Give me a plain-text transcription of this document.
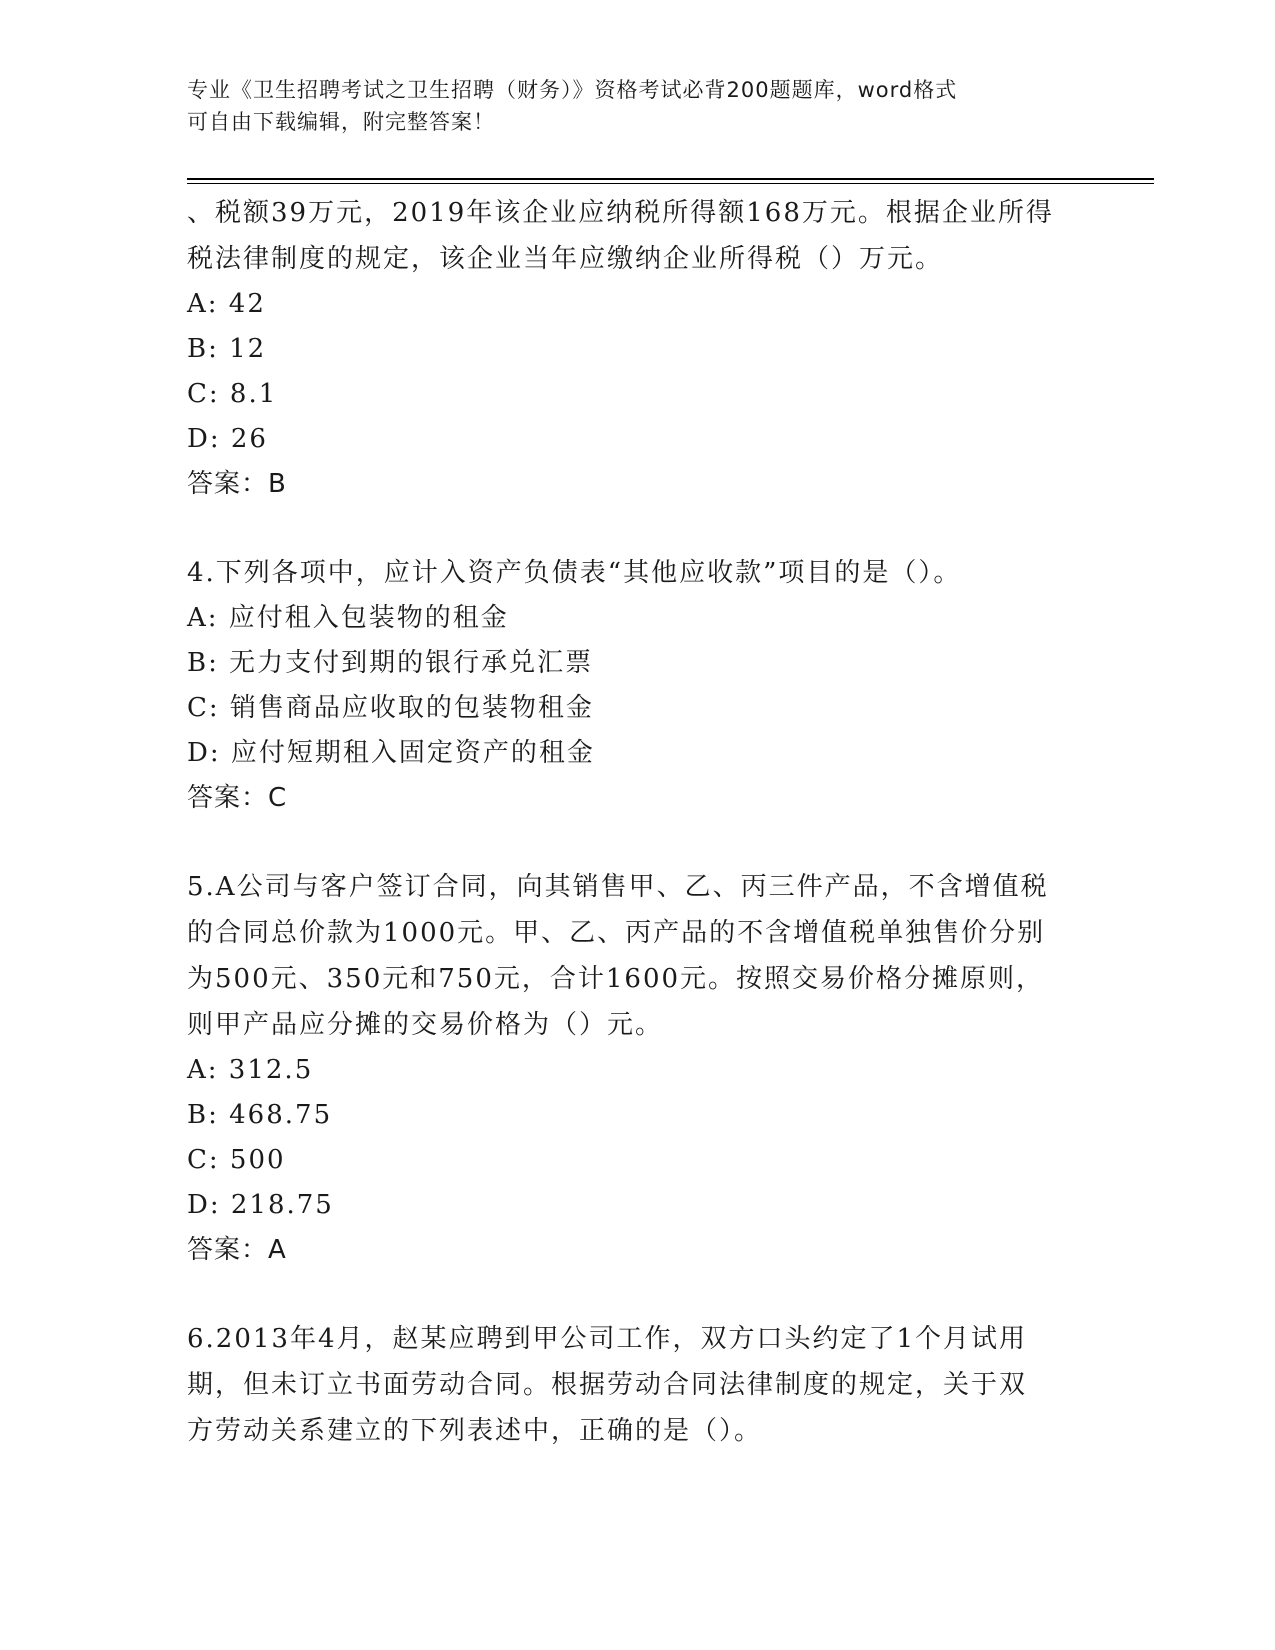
专业《卫生招聘考试之卫生招聘（财务）》资格考试必背200题题库，word格式
可自由下载编辑，附完整答案！
、税额39万元，2019年该企业应纳税所得额168万元。根据企业所得
税法律制度的规定，该企业当年应缴纳企业所得税（）万元。
A: 42
B: 12
C: 8.1
D: 26
答案：B
4.下列各项中，应计入资产负债表“其他应收款”项目的是（）。
A: 应付租入包装物的租金
B: 无力支付到期的银行承兑汇票
C: 销售商品应收取的包装物租金
D: 应付短期租入固定资产的租金
答案：C
5.A公司与客户签订合同，向其销售甲、乙、丙三件产品，不含增值税
的合同总价款为1000元。甲、乙、丙产品的不含增值税单独售价分别
为500元、350元和750元，合计1600元。按照交易价格分摊原则，
则甲产品应分摊的交易价格为（）元。
A: 312.5
B: 468.75
C: 500
D: 218.75
答案：A
6.2013年4月，赵某应聘到甲公司工作，双方口头约定了1个月试用
期，但未订立书面劳动合同。根据劳动合同法律制度的规定，关于双
方劳动关系建立的下列表述中，正确的是（）。
